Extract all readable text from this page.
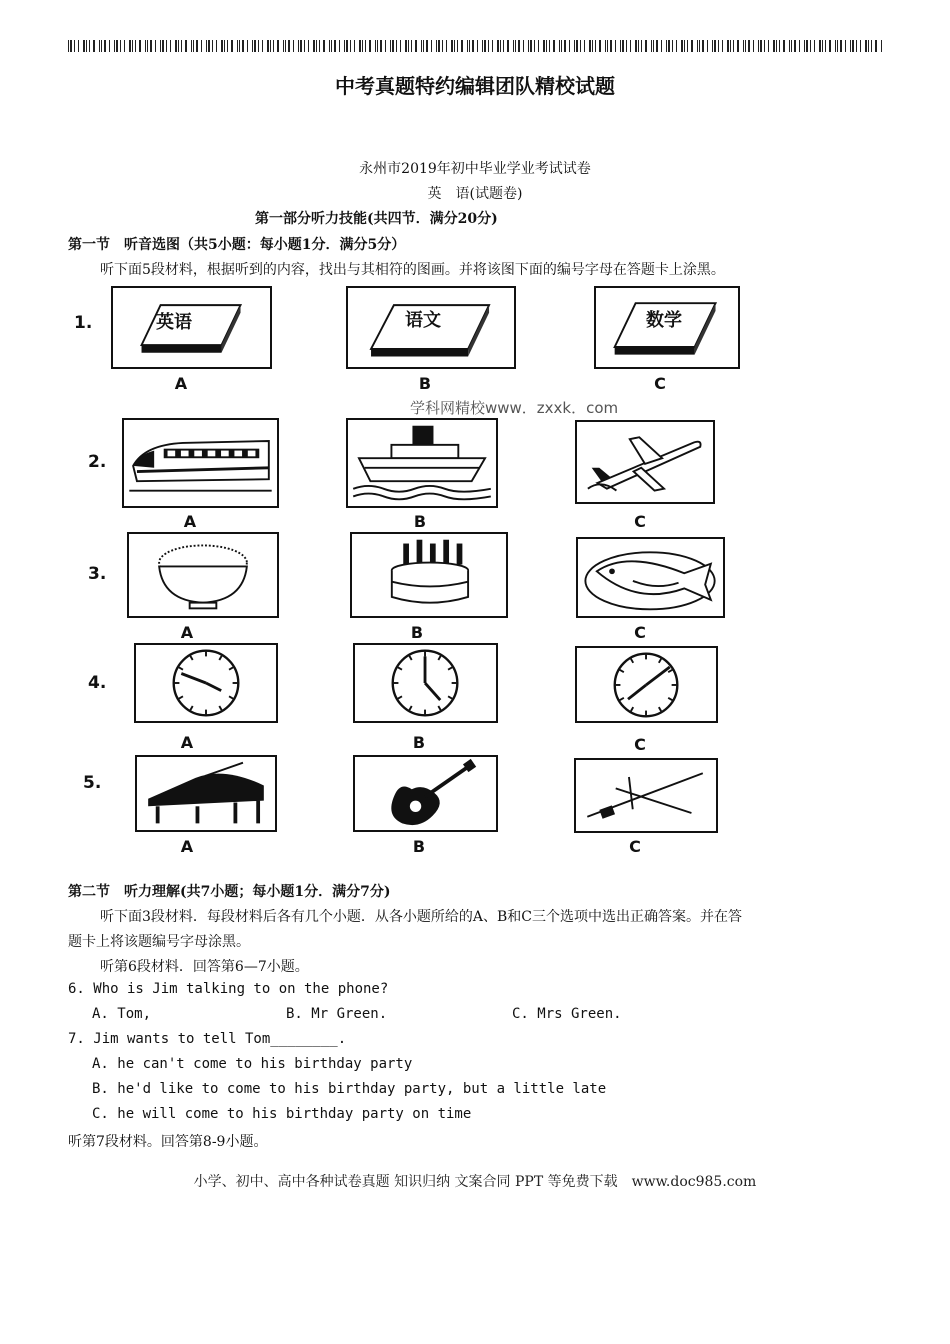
中考真题特约编辑团队精校试题
永州市2019年初中毕业学业考试试卷
英　语(试题卷)
第一部分听力技能(共四节．满分20分)
第一节　听音选图（共5小题：每小题1分．满分5分）
听下面5段材料，根据听到的内容，找出与其相符的图画。并将该图下面的编号字母在答题卡上涂黑。
1.	英语	语文	数学
A	B	C
学科网精校www．zxxk．com
2.
A	B	C
3.
A	B	C
4.
A	B	C
5.
A	B	C
第二节　听力理解(共7小题；每小题1分．满分7分)
听下面3段材料．每段材料后各有几个小题．从各小题所给的A、B和C三个选项中选出正确答案。并在答
题卡上将该题编号字母涂黑。
听第6段材料．回答第6—7小题。
6. Who is Jim talking to on the phone?
A. Tom,	B. Mr Green.	C. Mrs Green.
7. Jim wants to tell Tom________.
A. he can't come to his birthday party
B. he'd like to come to his birthday party, but a little late
C. he will come to his birthday party on time
听第7段材料。回答第8-9小题。
小学、初中、高中各种试卷真题 知识归纳 文案合同 PPT 等免费下载　www.doc985.com
